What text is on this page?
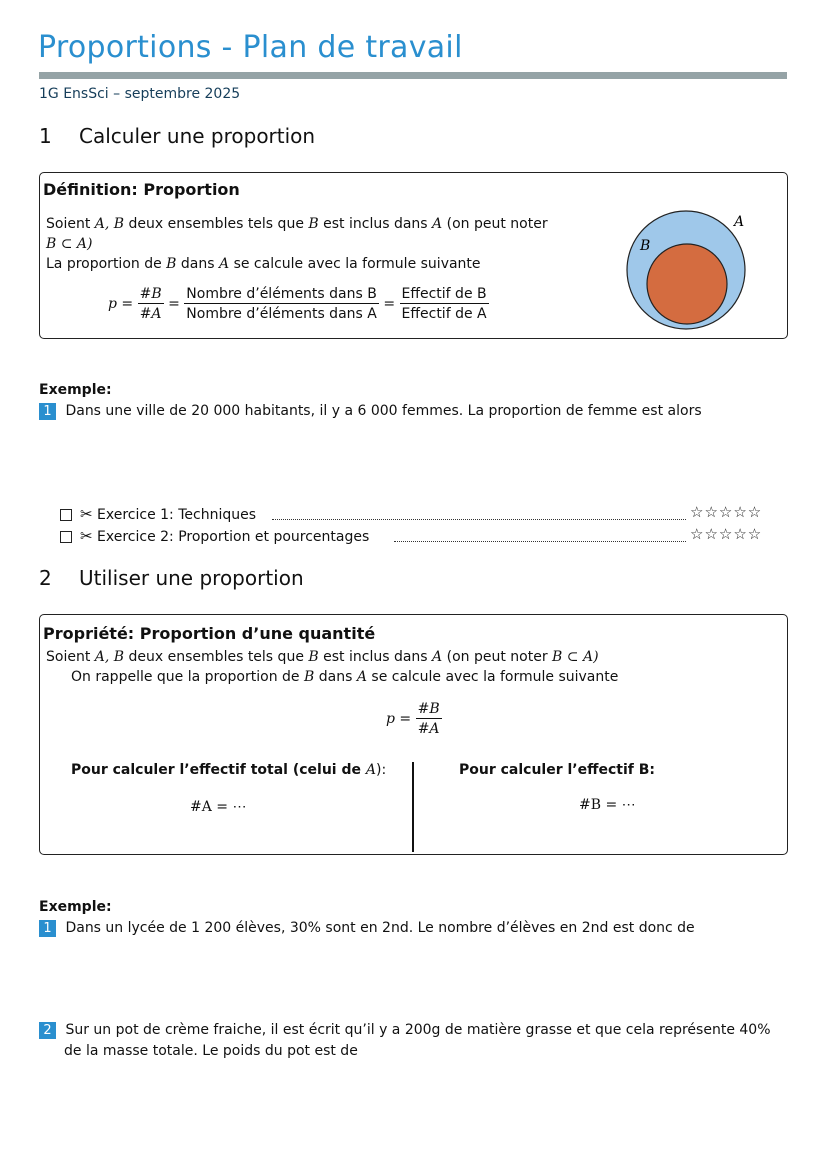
Proportions - Plan de travail
1G EnsSci – septembre 2025
1 Calculer une proportion
Définition: Proportion
Soient A, B deux ensembles tels que B est inclus dans A (on peut noter
B ⊂ A)
La proportion de B dans A se calcule avec la formule suivante
$p = \frac{\#B}{\#A} = \frac{\text{Nombre d’éléments dans B}}{\text{Nombre d’éléments dans A}} = \frac{\text{Effectif de B}}{\text{Effectif de A}}$
A
B
Exemple:
1 Dans une ville de 20 000 habitants, il y a 6 000 femmes. La proportion de femme est alors
✂ Exercice 1: Techniques	☆☆☆☆☆
✂ Exercice 2: Proportion et pourcentages	☆☆☆☆☆
2 Utiliser une proportion
Propriété: Proportion d’une quantité
Soient A, B deux ensembles tels que B est inclus dans A (on peut noter B ⊂ A)
On rappelle que la proportion de B dans A se calcule avec la formule suivante
$p = \frac{\#B}{\#A}$
Pour calculer l’effectif total (celui de A):
#A = ⋯
Pour calculer l’effectif B:
#B = ⋯
Exemple:
1 Dans un lycée de 1 200 élèves, 30% sont en 2nd. Le nombre d’élèves en 2nd est donc de
2 Sur un pot de crème fraiche, il est écrit qu’il y a 200g de matière grasse et que cela représente 40%
de la masse totale. Le poids du pot est de
